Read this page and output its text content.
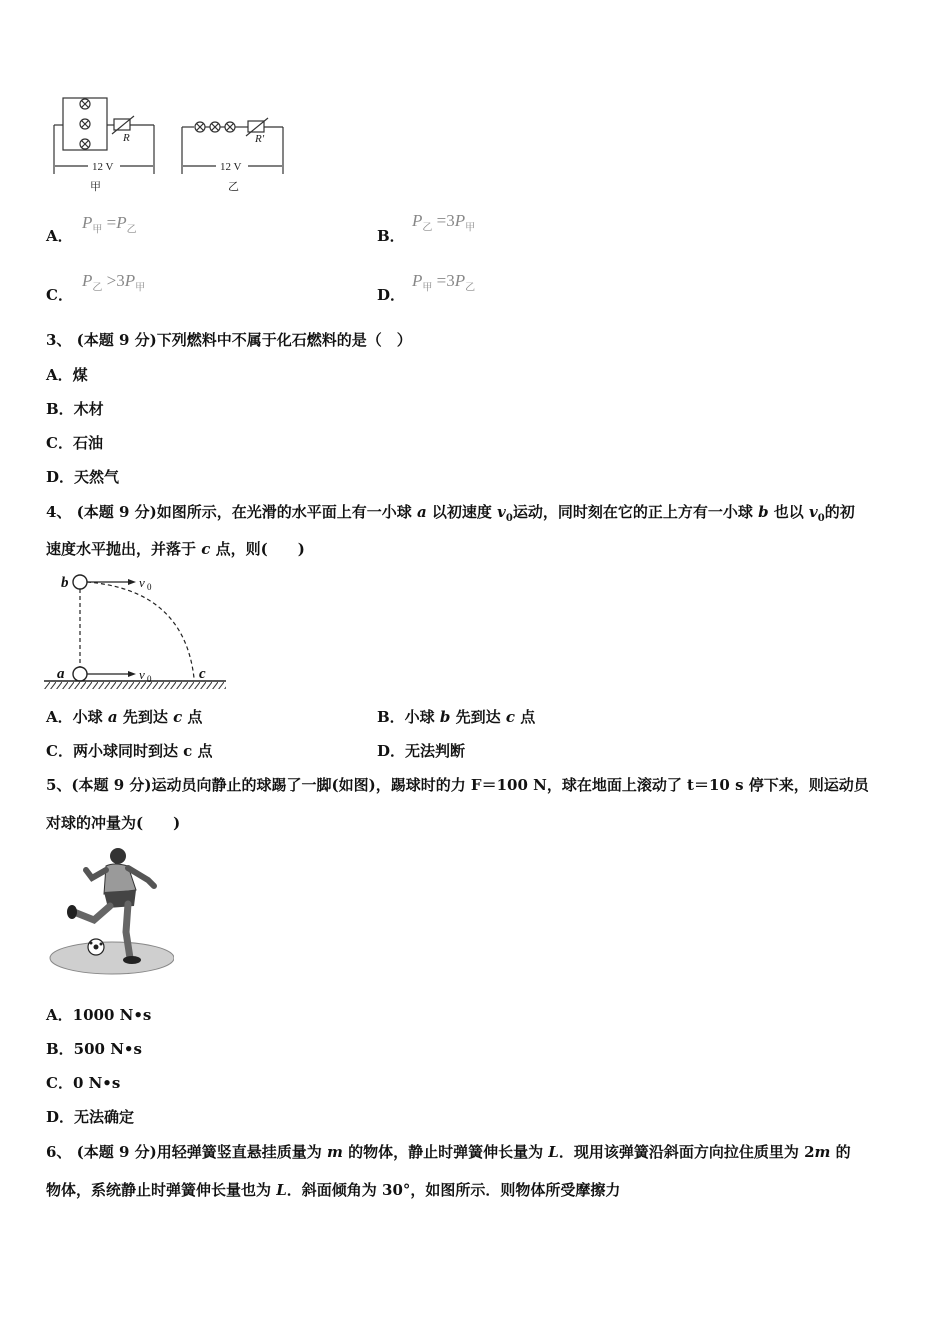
R	R'
12 V	12 V
甲	乙
A．
$P_甲 =P_乙$	B．
$P_乙 =3P_甲$
C．
$P_乙 >3P_甲$	D．
$P_甲 =3P_乙$
3、 (本题 9 分)下列燃料中不属于化石燃料的是（　）
A．煤
B．木材
C．石油
D．天然气
4、 (本题 9 分)如图所示，在光滑的水平面上有一小球 a 以初速度 $v_0$运动，同时刻在它的正上方有一小球 b 也以 $v_0$的初
速度水平抛出，并落于 c 点，则(　　)
b	v 0
a	v 0	c
A．小球 a 先到达 c 点	B．小球 b 先到达 c 点
C．两小球同时到达 c 点	D．无法判断
5、(本题 9 分)运动员向静止的球踢了一脚(如图)，踢球时的力 F＝100 N，球在地面上滚动了 t＝10 s 停下来，则运动员
对球的冲量为(　　)
A．1000 N•s
B．500 N•s
C．0 N•s
D．无法确定
6、 (本题 9 分)用轻弹簧竖直悬挂质量为 m 的物体，静止时弹簧伸长量为 L．现用该弹簧沿斜面方向拉住质里为 2m 的
物体，系统静止时弹簧伸长量也为 L．斜面倾角为 30°，如图所示．则物体所受摩擦力
